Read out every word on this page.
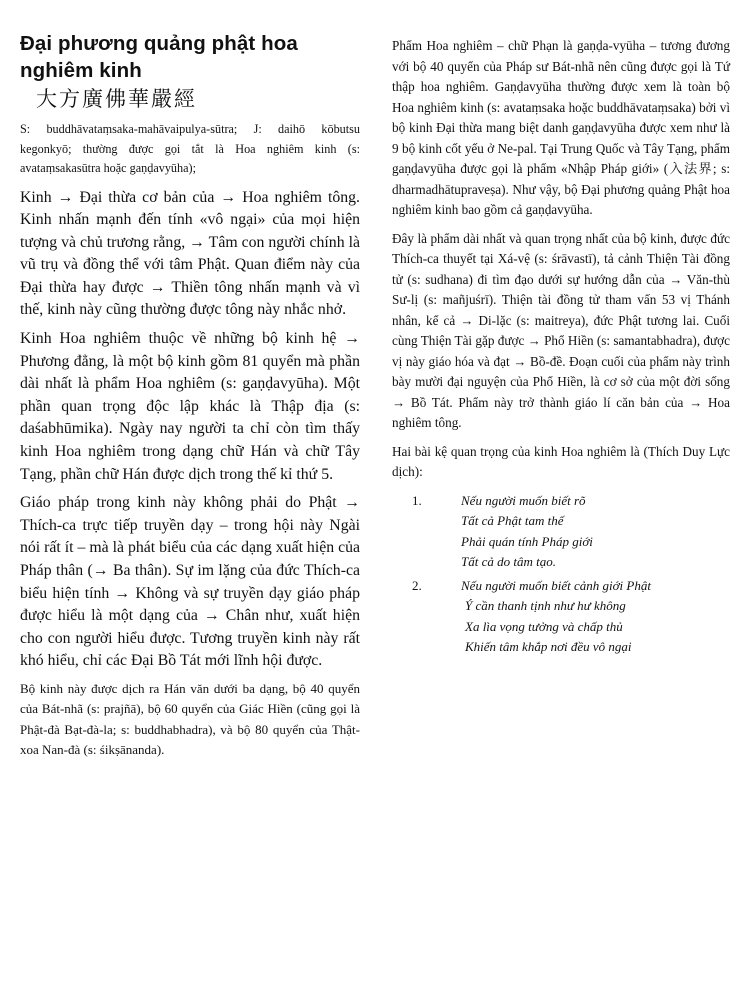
Đại phương quảng phật hoa nghiêm kinh
大方廣佛華嚴經

S: buddhāvataṃsaka-mahāvaipulya-sūtra; J: daihō kōbutsu kegonkyō; thường được gọi tắt là Hoa nghiêm kinh (s: avataṃsakasūtra hoặc gaṇḍavyūha);

Kinh → Đại thừa cơ bản của → Hoa nghiêm tông. Kinh nhấn mạnh đến tính «vô ngại» của mọi hiện tượng và chủ trương rằng, → Tâm con người chính là vũ trụ và đồng thể với tâm Phật. Quan điểm này của Đại thừa hay được → Thiền tông nhấn mạnh và vì thế, kinh này cũng thường được tông này nhắc nhở.

Kinh Hoa nghiêm thuộc về những bộ kinh hệ → Phương đẳng, là một bộ kinh gồm 81 quyển mà phần dài nhất là phẩm Hoa nghiêm (s: gaṇḍavyūha). Một phần quan trọng độc lập khác là Thập địa (s: daśabhūmika). Ngày nay người ta chỉ còn tìm thấy kinh Hoa nghiêm trong dạng chữ Hán và chữ Tây Tạng, phần chữ Hán được dịch trong thế kỉ thứ 5.

Giáo pháp trong kinh này không phải do Phật → Thích-ca trực tiếp truyền dạy – trong hội này Ngài nói rất ít – mà là phát biểu của các dạng xuất hiện của Pháp thân (→ Ba thân). Sự im lặng của đức Thích-ca biểu hiện tính → Không và sự truyền dạy giáo pháp được hiểu là một dạng của → Chân như, xuất hiện cho con người hiểu được. Tương truyền kinh này rất khó hiểu, chỉ các Đại Bồ Tát mới lĩnh hội được.

Bộ kinh này được dịch ra Hán văn dưới ba dạng, bộ 40 quyển của Bát-nhã (s: prajñā), bộ 60 quyển của Giác Hiền (cũng gọi là Phật-đà Bạt-đà-la; s: buddhabhadra), và bộ 80 quyển của Thật-xoa Nan-đà (s: śikṣānanda).

Phẩm Hoa nghiêm – chữ Phạn là gaṇḍa-vyūha – tương đương với bộ 40 quyển của Pháp sư Bát-nhã nên cũng được gọi là Tứ thập hoa nghiêm. Gaṇḍavyūha thường được xem là toàn bộ Hoa nghiêm kinh (s: avataṃsaka hoặc buddhāvataṃsaka) bởi vì bộ kinh Đại thừa mang biệt danh gaṇḍavyūha được xem như là 9 bộ kinh cốt yếu ở Ne-pal. Tại Trung Quốc và Tây Tạng, phẩm gaṇḍavyūha được gọi là phẩm «Nhập Pháp giới» (入法界; s: dharmadhātupraveṣa). Như vậy, bộ Đại phương quảng Phật hoa nghiêm kinh bao gồm cả gaṇḍavyūha.

Đây là phẩm dài nhất và quan trọng nhất của bộ kinh, được đức Thích-ca thuyết tại Xá-vệ (s: śrāvastī), tả cảnh Thiện Tài đồng tử (s: sudhana) đi tìm đạo dưới sự hướng dẫn của → Văn-thù Sư-lị (s: mañjuśrī). Thiện tài đồng tử tham vấn 53 vị Thánh nhân, kể cả → Di-lặc (s: maitreya), đức Phật tương lai. Cuối cùng Thiện Tài gặp được → Phổ Hiền (s: samantabhadra), được vị này giáo hóa và đạt → Bồ-đề. Đoạn cuối của phẩm này trình bày mười đại nguyện của Phổ Hiền, là cơ sở của một đời sống → Bồ Tát. Phẩm này trở thành giáo lí căn bản của → Hoa nghiêm tông.

Hai bài kệ quan trọng của kinh Hoa nghiêm là (Thích Duy Lực dịch):

1.	Nếu người muốn biết rõ
Tất cả Phật tam thế
Phải quán tính Pháp giới
Tất cả do tâm tạo.
2.	Nếu người muốn biết cảnh giới Phật
Ý cần thanh tịnh như hư không
Xa lìa vọng tưởng và chấp thủ
Khiến tâm khắp nơi đều vô ngại
